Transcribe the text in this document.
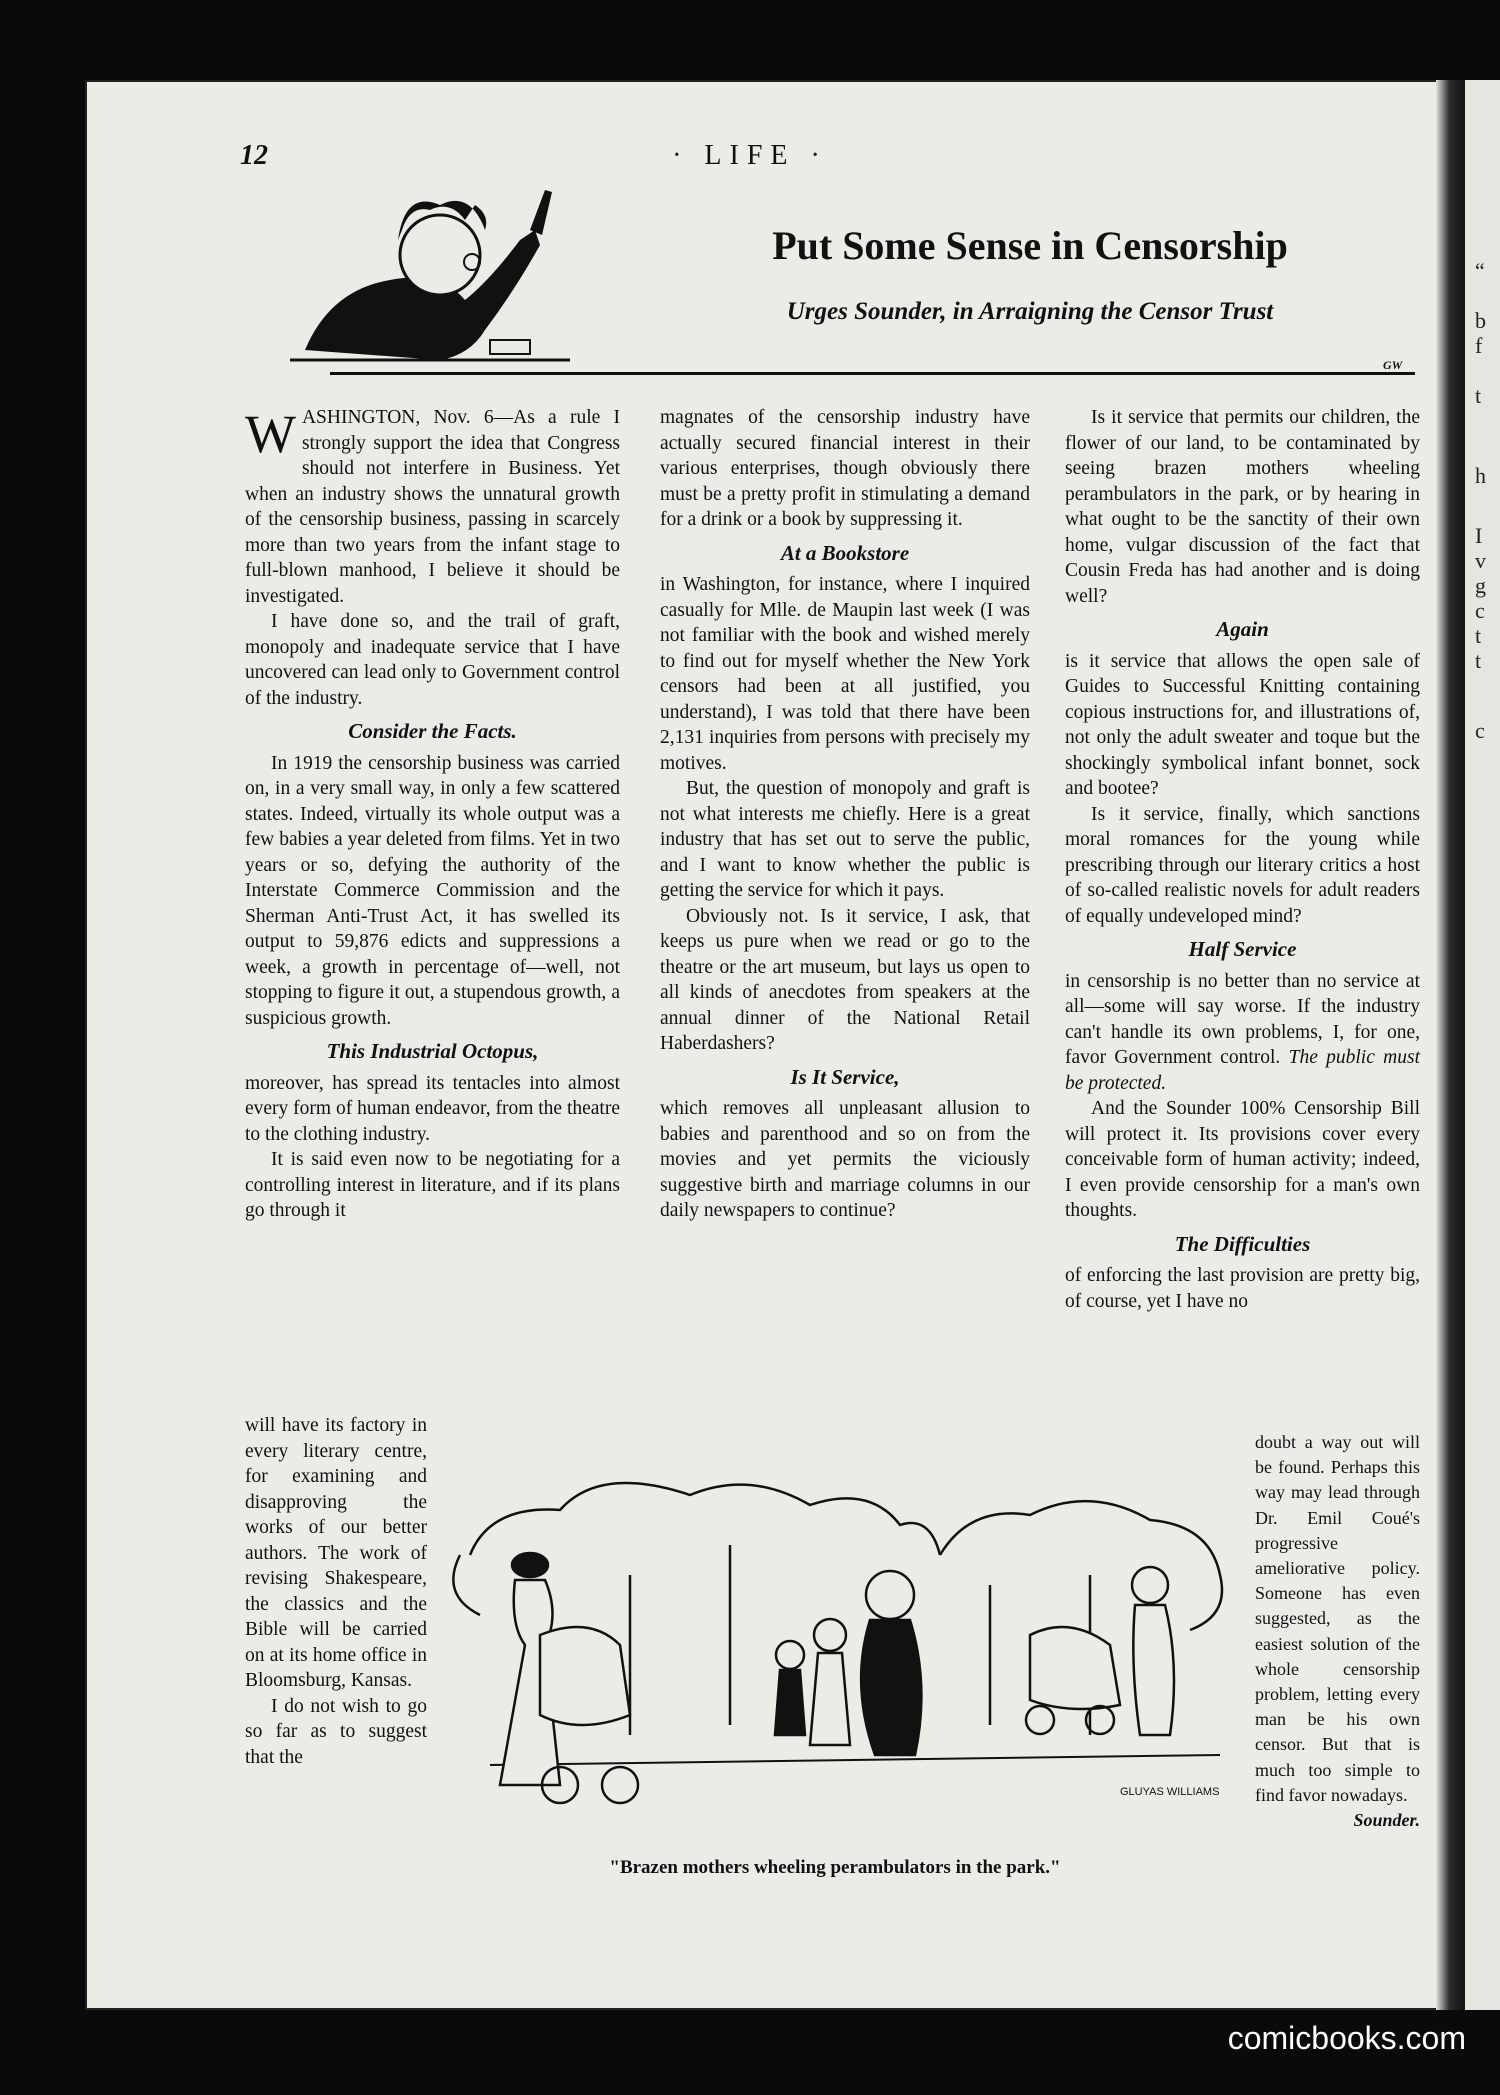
“
b
f
t
h
I
v
g
c
t
t
c
12	· LIFE ·
Put Some Sense in Censorship
Urges Sounder, in Arraigning the Censor Trust
GW

WASHINGTON, Nov. 6—As a rule I strongly support the idea that Congress should not interfere in Business. Yet when an industry shows the unnatural growth of the censorship business, passing in scarcely more than two years from the infant stage to full-blown manhood, I believe it should be investigated.

I have done so, and the trail of graft, monopoly and inadequate service that I have uncovered can lead only to Government control of the industry.

Consider the Facts.

In 1919 the censorship business was carried on, in a very small way, in only a few scattered states. Indeed, virtually its whole output was a few babies a year deleted from films. Yet in two years or so, defying the authority of the Interstate Commerce Commission and the Sherman Anti-Trust Act, it has swelled its output to 59,876 edicts and suppressions a week, a growth in percentage of—well, not stopping to figure it out, a stupendous growth, a suspicious growth.

This Industrial Octopus,

moreover, has spread its tentacles into almost every form of human endeavor, from the theatre to the clothing industry.

It is said even now to be negotiating for a controlling interest in literature, and if its plans go through it

will have its factory in every literary centre, for examining and disapproving the works of our better authors. The work of revising Shakespeare, the classics and the Bible will be carried on at its home office in Bloomsburg, Kansas.

I do not wish to go so far as to suggest that the

magnates of the censorship industry have actually secured financial interest in their various enterprises, though obviously there must be a pretty profit in stimulating a demand for a drink or a book by suppressing it.

At a Bookstore

in Washington, for instance, where I inquired casually for Mlle. de Maupin last week (I was not familiar with the book and wished merely to find out for myself whether the New York censors had been at all justified, you understand), I was told that there have been 2,131 inquiries from persons with precisely my motives.

But, the question of monopoly and graft is not what interests me chiefly. Here is a great industry that has set out to serve the public, and I want to know whether the public is getting the service for which it pays.

Obviously not. Is it service, I ask, that keeps us pure when we read or go to the theatre or the art museum, but lays us open to all kinds of anecdotes from speakers at the annual dinner of the National Retail Haberdashers?

Is It Service,

which removes all unpleasant allusion to babies and parenthood and so on from the movies and yet permits the viciously suggestive birth and marriage columns in our daily newspapers to continue?

Is it service that permits our children, the flower of our land, to be contaminated by seeing brazen mothers wheeling perambulators in the park, or by hearing in what ought to be the sanctity of their own home, vulgar discussion of the fact that Cousin Freda has had another and is doing well?

Again

is it service that allows the open sale of Guides to Successful Knitting containing copious instructions for, and illustrations of, not only the adult sweater and toque but the shockingly symbolical infant bonnet, sock and bootee?

Is it service, finally, which sanctions moral romances for the young while prescribing through our literary critics a host of so-called realistic novels for adult readers of equally undeveloped mind?

Half Service

in censorship is no better than no service at all—some will say worse. If the industry can't handle its own problems, I, for one, favor Government control. The public must be protected.

And the Sounder 100% Censorship Bill will protect it. Its provisions cover every conceivable form of human activity; indeed, I even provide censorship for a man's own thoughts.

The Difficulties

of enforcing the last provision are pretty big, of course, yet I have no

doubt a way out will be found. Perhaps this way may lead through Dr. Emil Coué's progressive ameliorative policy. Someone has even suggested, as the easiest solution of the whole censorship problem, letting every man be his own censor. But that is much too simple to find favor nowadays.

Sounder.

GLUYAS WILLIAMS
"Brazen mothers wheeling perambulators in the park."
comicbooks.com
